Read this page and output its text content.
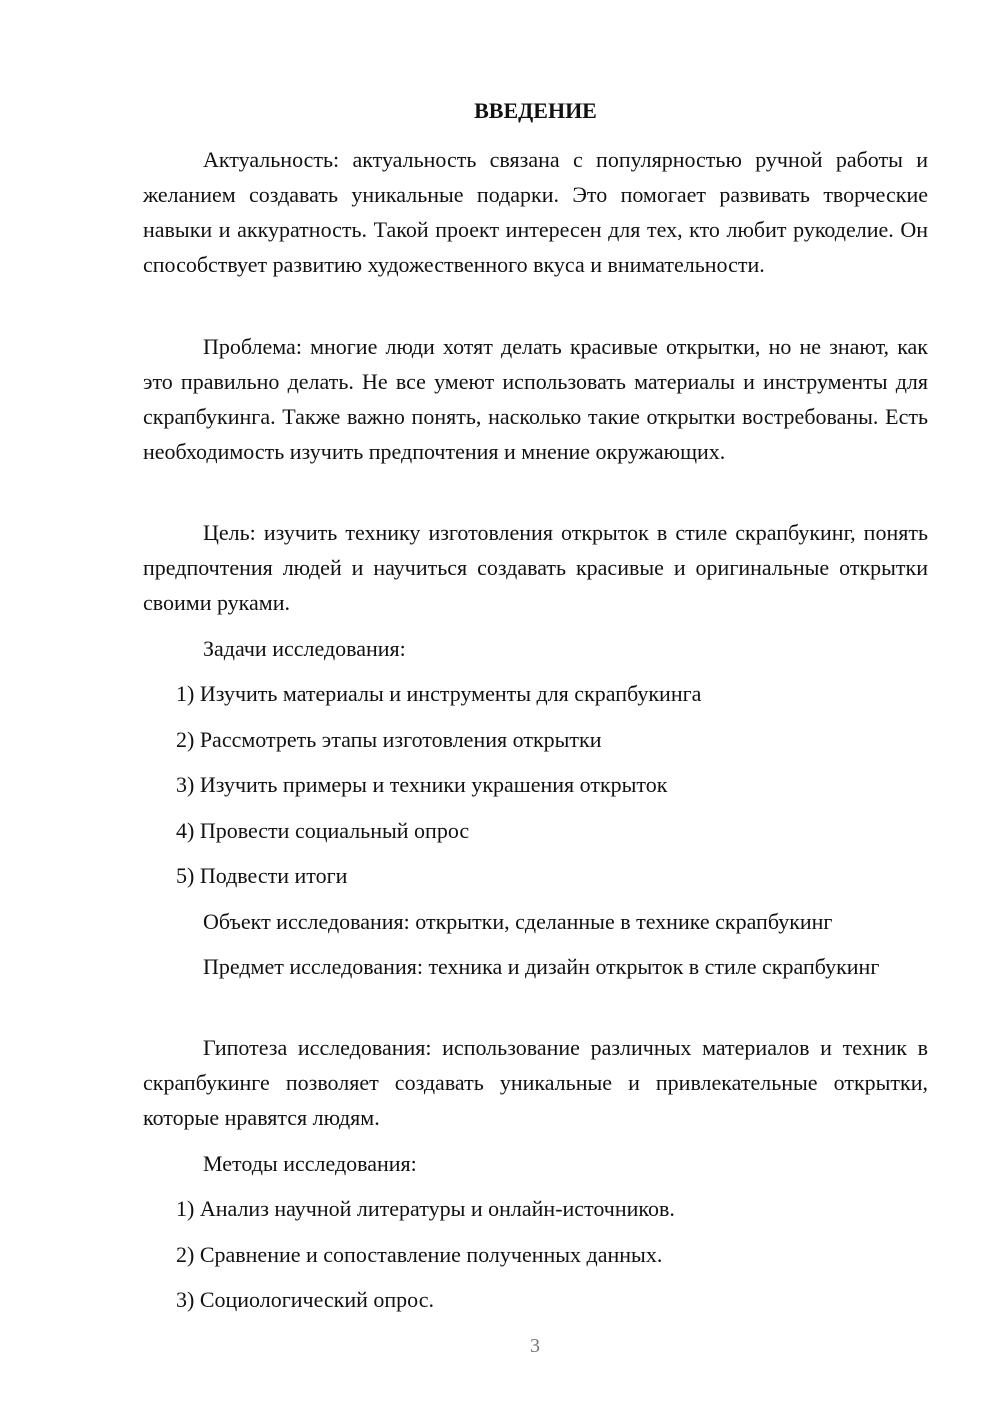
ВВЕДЕНИЕ

Актуальность: актуальность связана с популярностью ручной работы и желанием создавать уникальные подарки. Это помогает развивать творческие навыки и аккуратность. Такой проект интересен для тех, кто любит рукоделие. Он способствует развитию художественного вкуса и внимательности.

Проблема: многие люди хотят делать красивые открытки, но не знают, как это правильно делать. Не все умеют использовать материалы и инструменты для скрапбукинга. Также важно понять, насколько такие открытки востребованы. Есть необходимость изучить предпочтения и мнение окружающих.

Цель: изучить технику изготовления открыток в стиле скрапбукинг, понять предпочтения людей и научиться создавать красивые и оригинальные открытки своими руками.

Задачи исследования:

1) Изучить материалы и инструменты для скрапбукинга

2) Рассмотреть этапы изготовления открытки

3) Изучить примеры и техники украшения открыток

4) Провести социальный опрос

5) Подвести итоги

Объект исследования: открытки, сделанные в технике скрапбукинг

Предмет исследования: техника и дизайн открыток в стиле скрапбукинг

Гипотеза исследования: использование различных материалов и техник в скрапбукинге позволяет создавать уникальные и привлекательные открытки, которые нравятся людям.

Методы исследования:

1) Анализ научной литературы и онлайн-источников.

2) Сравнение и сопоставление полученных данных.

3) Социологический опрос.

3
